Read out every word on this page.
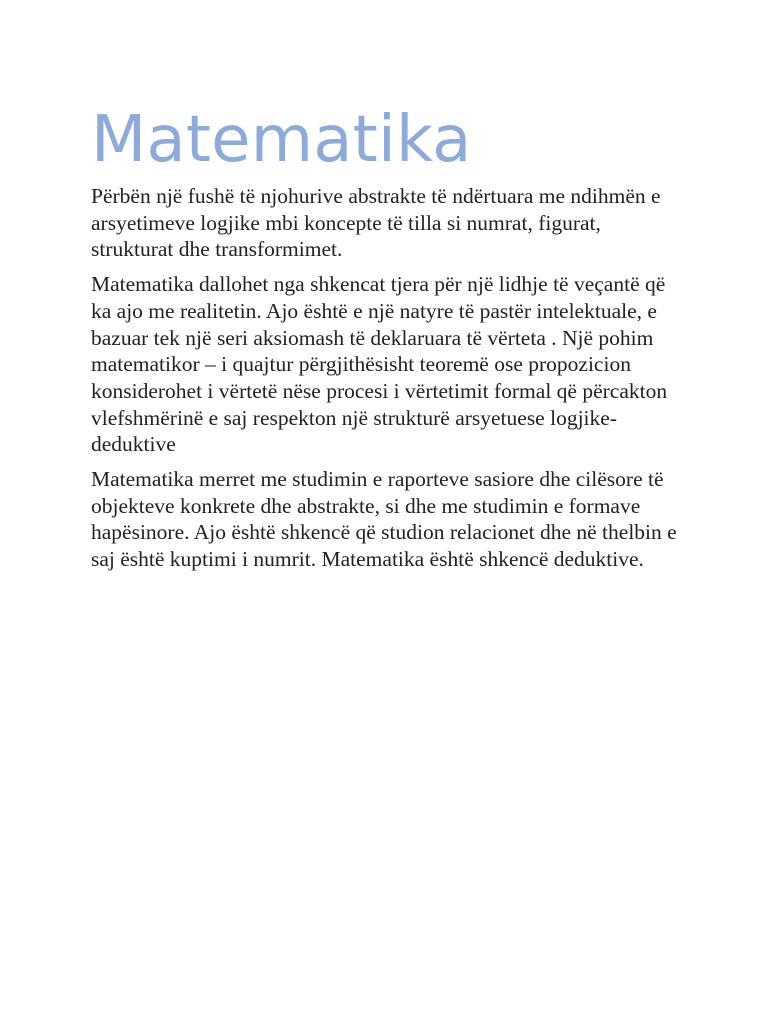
Matematika

Përbën një fushë të njohurive abstrakte të ndërtuara me ndihmën e arsyetimeve logjike mbi koncepte të tilla si numrat, figurat, strukturat dhe transformimet.

Matematika dallohet nga shkencat tjera për një lidhje të veçantë që ka ajo me realitetin. Ajo është e një natyre të pastër intelektuale, e bazuar tek një seri aksiomash të deklaruara të vërteta . Një pohim matematikor – i quajtur përgjithësisht teoremë ose propozicion konsiderohet i vërtetë nëse procesi i vërtetimit formal që përcakton vlefshmërinë e saj respekton një strukturë arsyetuese logjike-deduktive

Matematika merret me studimin e raporteve sasiore dhe cilësore të objekteve konkrete dhe abstrakte, si dhe me studimin e formave hapësinore. Ajo është shkencë që studion relacionet dhe në thelbin e saj është kuptimi i numrit. Matematika është shkencë deduktive.
